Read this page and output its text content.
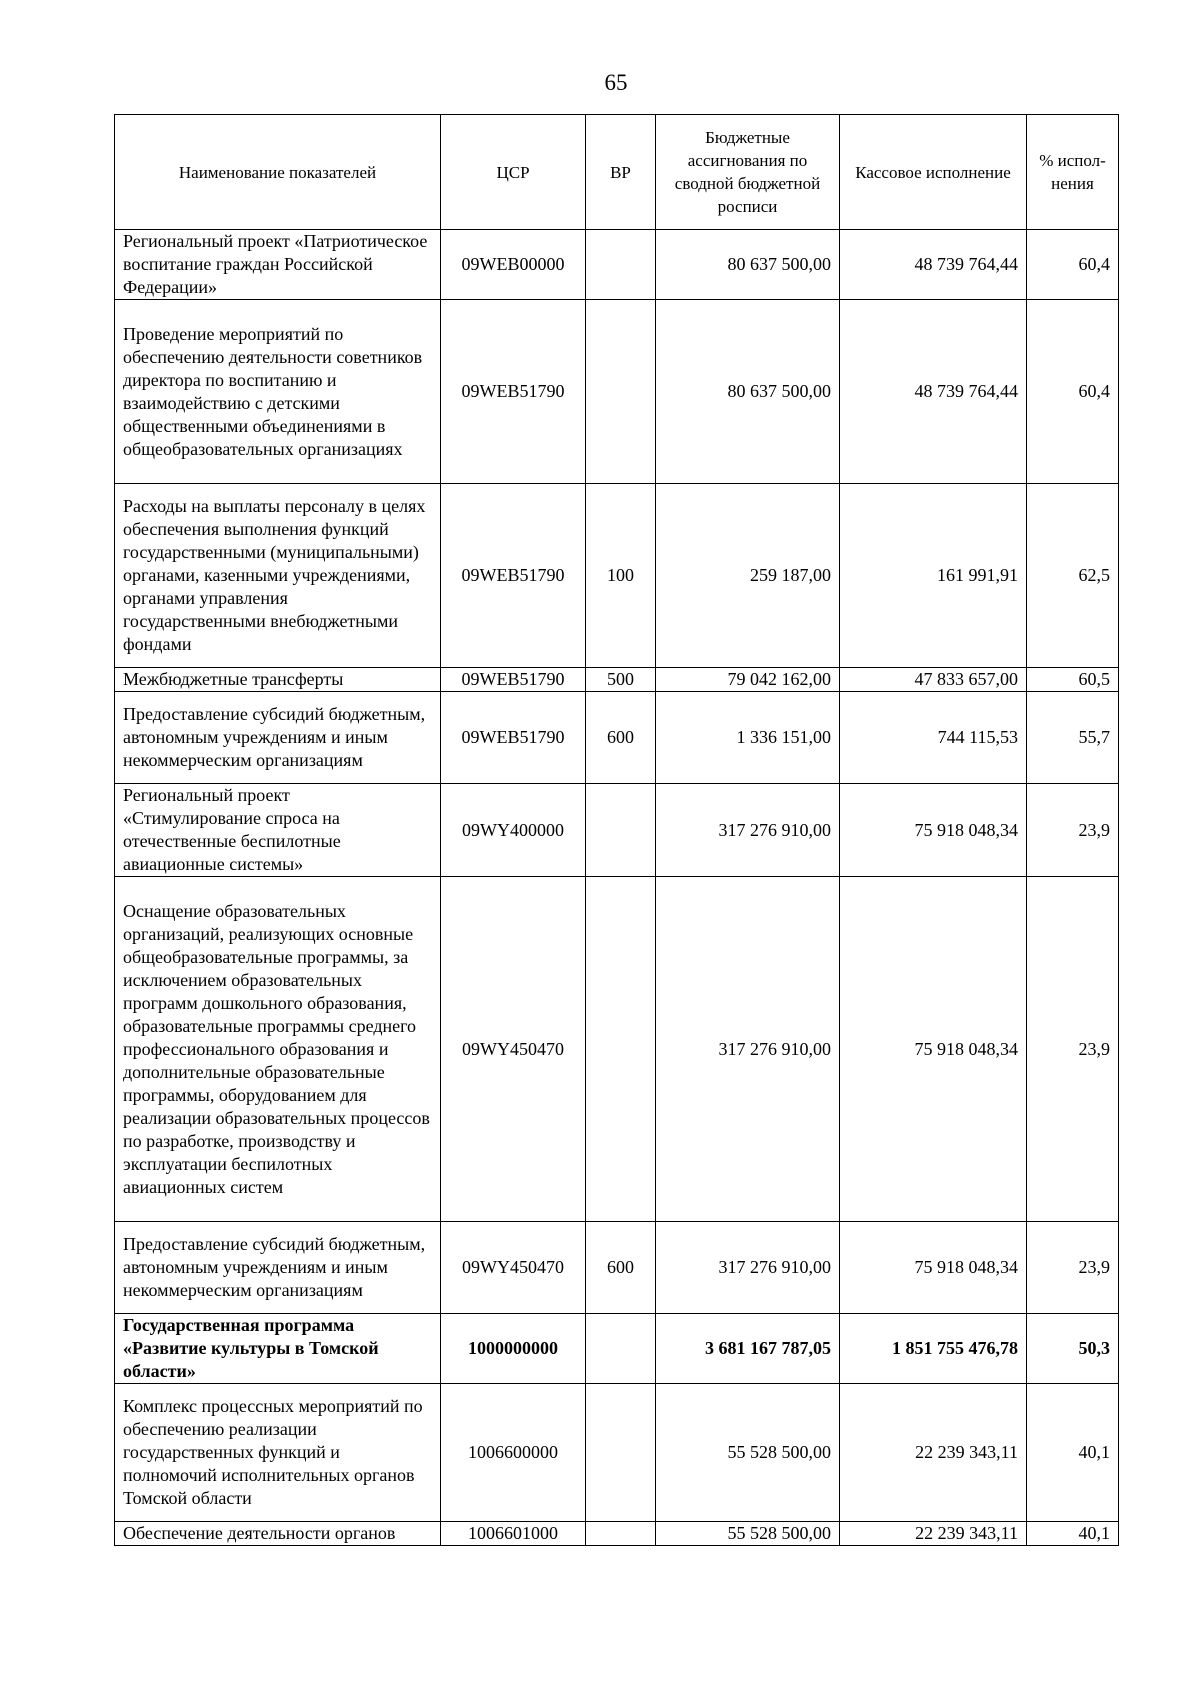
65
Наименование показателей	ЦСР	ВР	Бюджетные ассигнования по сводной бюджетной росписи	Кассовое исполнение	% испол-нения
Региональный проект «Патриотическое воспитание граждан Российской Федерации»	09WEB00000		80 637 500,00	48 739 764,44	60,4
Проведение мероприятий по обеспечению деятельности советников директора по воспитанию и взаимодействию с детскими общественными объединениями в общеобразовательных организациях	09WEB51790		80 637 500,00	48 739 764,44	60,4
Расходы на выплаты персоналу в целях обеспечения выполнения функций государственными (муниципальными) органами, казенными учреждениями, органами управления государственными внебюджетными фондами	09WEB51790	100	259 187,00	161 991,91	62,5
Межбюджетные трансферты	09WEB51790	500	79 042 162,00	47 833 657,00	60,5
Предоставление субсидий бюджетным, автономным учреждениям и иным некоммерческим организациям	09WEB51790	600	1 336 151,00	744 115,53	55,7
Региональный проект «Стимулирование спроса на отечественные беспилотные авиационные системы»	09WY400000		317 276 910,00	75 918 048,34	23,9
Оснащение образовательных организаций, реализующих основные общеобразовательные программы, за исключением образовательных программ дошкольного образования, образовательные программы среднего профессионального образования и дополнительные образовательные программы, оборудованием для реализации образовательных процессов по разработке, производству и эксплуатации беспилотных авиационных систем	09WY450470		317 276 910,00	75 918 048,34	23,9
Предоставление субсидий бюджетным, автономным учреждениям и иным некоммерческим организациям	09WY450470	600	317 276 910,00	75 918 048,34	23,9
Государственная программа «Развитие культуры в Томской области»	1000000000		3 681 167 787,05	1 851 755 476,78	50,3
Комплекс процессных мероприятий по обеспечению реализации государственных функций и полномочий исполнительных органов Томской области	1006600000		55 528 500,00	22 239 343,11	40,1
Обеспечение деятельности органов	1006601000		55 528 500,00	22 239 343,11	40,1
